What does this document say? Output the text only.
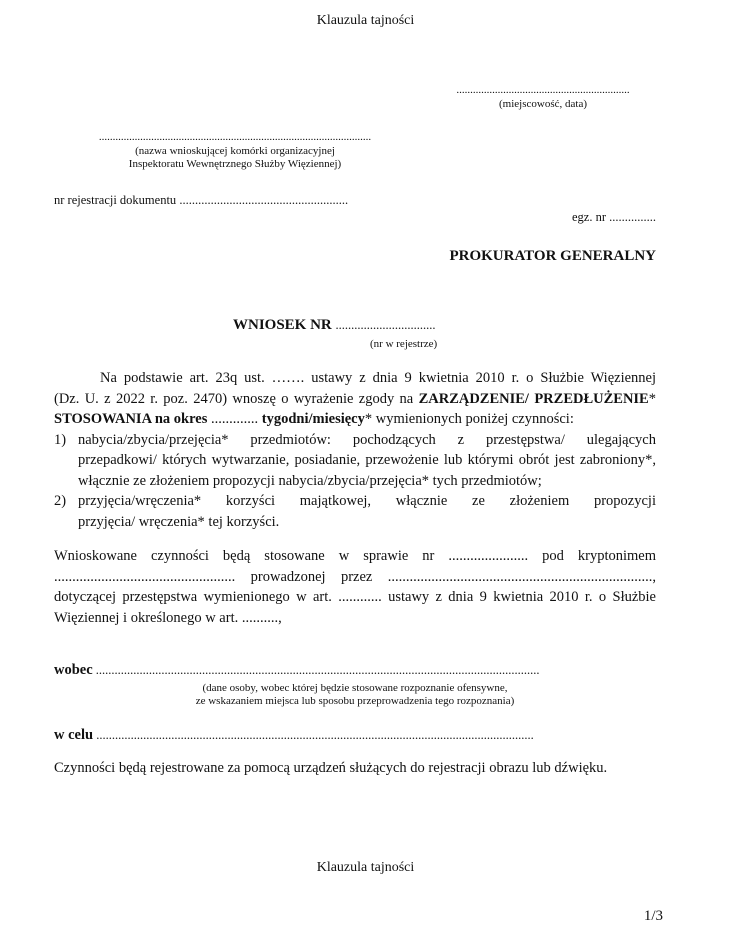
Klauzula tajności
...............................................................
(miejscowość, data)
...................................................................................................
(nazwa wnioskującej komórki organizacyjnej
Inspektoratu Wewnętrznego Służby Więziennej)
nr rejestracji dokumentu ......................................................
egz. nr ...............
PROKURATOR GENERALNY
WNIOSEK NR ................................
(nr w rejestrze)
Na podstawie art. 23q ust. ……. ustawy z dnia 9 kwietnia 2010 r. o Służbie Więziennej
(Dz. U. z 2022 r. poz. 2470) wnoszę o wyrażenie zgody na ZARZĄDZENIE/ PRZEDŁUŻENIE*
STOSOWANIA na okres ............. tygodni/miesięcy* wymienionych poniżej czynności:
1) nabycia/zbycia/przejęcia* przedmiotów: pochodzących z przestępstwa/ ulegających
przepadkowi/ których wytwarzanie, posiadanie, przewożenie lub którymi obrót jest zabroniony*,
włącznie ze złożeniem propozycji nabycia/zbycia/przejęcia* tych przedmiotów;
2) przyjęcia/wręczenia* korzyści majątkowej, włącznie ze złożeniem propozycji
przyjęcia/ wręczenia* tej korzyści.
Wnioskowane czynności będą stosowane w sprawie nr ...................... pod kryptonimem
.................................................. prowadzonej przez .........................................................................,
dotyczącej przestępstwa wymienionego w art. ............ ustawy z dnia 9 kwietnia 2010 r. o Służbie
Więziennej i określonego w art. ..........,
wobec ..............................................................................................................................................
(dane osoby, wobec której będzie stosowane rozpoznanie ofensywne,
ze wskazaniem miejsca lub sposobu przeprowadzenia tego rozpoznania)
w celu ............................................................................................................................................
Czynności będą rejestrowane za pomocą urządzeń służących do rejestracji obrazu lub dźwięku.
Klauzula tajności
1/3
